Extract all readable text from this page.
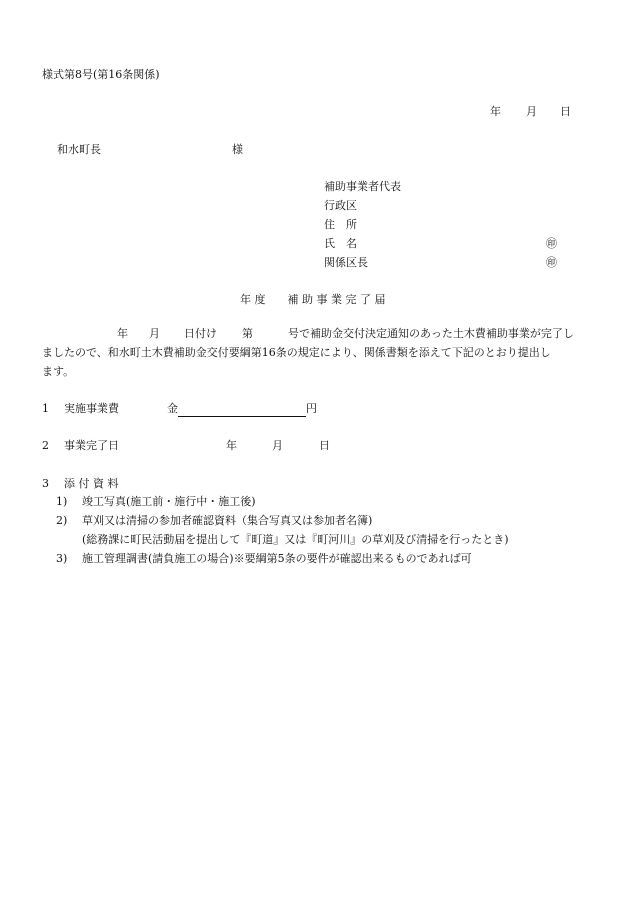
様式第8号(第16条関係)
年 月 日
和水町長	様
補助事業者代表
行政区
住　所
氏　名	㊞
関係区長	㊞
年 度 補 助 事 業 完 了 届
年 月 日付け 第	号で補助金交付決定通知のあった土木費補助事業が完了し
ましたので、和水町土木費補助金交付要綱第16条の規定により、関係書類を添えて下記のとおり提出し
ます。
1 実施事業費	金	円
2 事業完了日	年	月	日
3 添 付 資 料
1) 竣工写真(施工前・施行中・施工後)
2) 草刈又は清掃の参加者確認資料（集合写真又は参加者名簿)
(総務課に町民活動届を提出して『町道』又は『町河川』の草刈及び清掃を行ったとき)
3) 施工管理調書(請負施工の場合)※要綱第5条の要件が確認出来るものであれば可
